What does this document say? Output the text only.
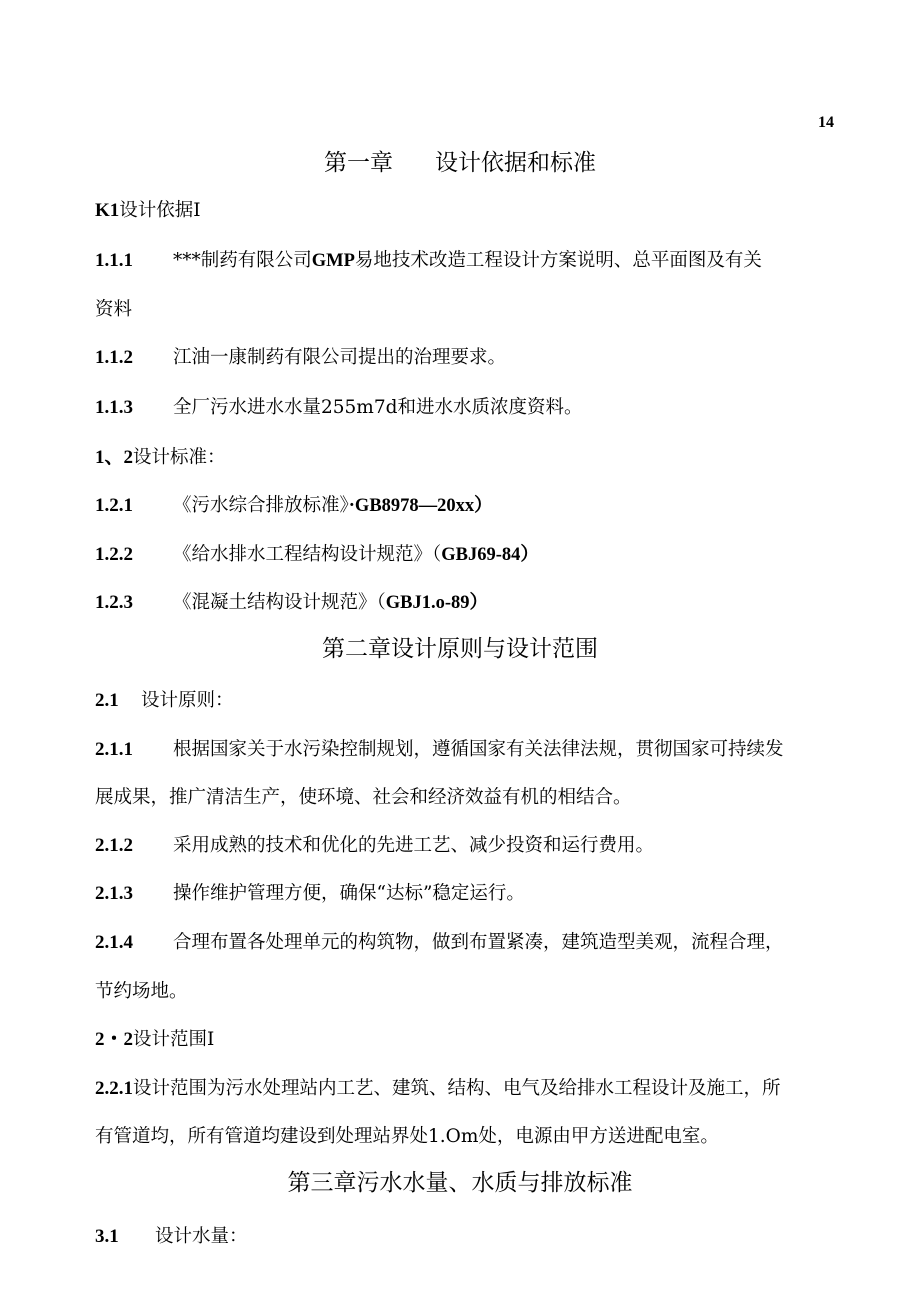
14
第一章 设计依据和标准
K1设计依据I
1.1.1 ***制药有限公司GMP易地技术改造工程设计方案说明、总平面图及有关
资料
1.1.2 江油一康制药有限公司提出的治理要求。
1.1.3 全厂污水进水水量255m7d和进水水质浓度资料。
1、2设计标准：
1.2.1 《污水综合排放标准》·GB8978—20xx）
1.2.2 《给水排水工程结构设计规范》（GBJ69-84）
1.2.3 《混凝土结构设计规范》（GBJ1.o-89）
第二章设计原则与设计范围
2.1 设计原则：
2.1.1 根据国家关于水污染控制规划，遵循国家有关法律法规，贯彻国家可持续发
展成果，推广清洁生产，使环境、社会和经济效益有机的相结合。
2.1.2 采用成熟的技术和优化的先进工艺、减少投资和运行费用。
2.1.3 操作维护管理方便，确保“达标”稳定运行。
2.1.4 合理布置各处理单元的构筑物，做到布置紧凑，建筑造型美观，流程合理，
节约场地。
2・2设计范围I
2.2.1设计范围为污水处理站内工艺、建筑、结构、电气及给排水工程设计及施工，所
有管道均，所有管道均建设到处理站界处1.Om处，电源由甲方送进配电室。
第三章污水水量、水质与排放标准
3.1 设计水量：
